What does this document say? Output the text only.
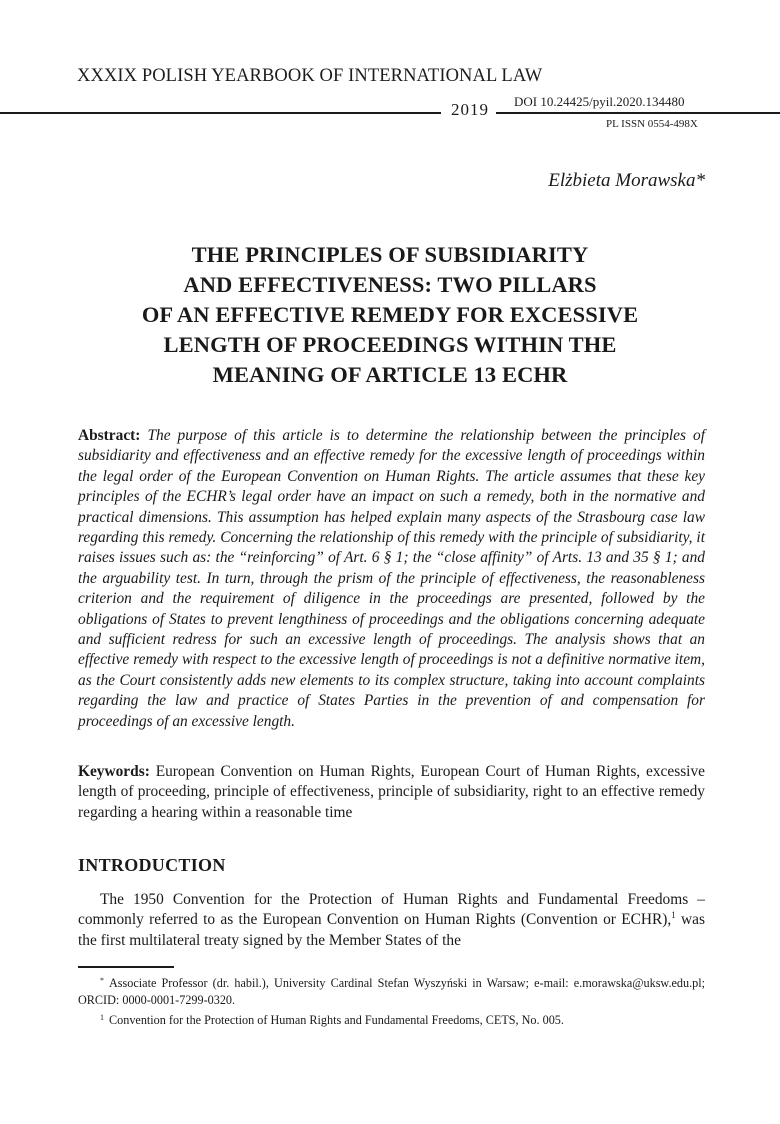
XXXIX POLISH YEARBOOK OF INTERNATIONAL LAW
2019 DOI 10.24425/pyil.2020.134480
PL ISSN 0554-498X
Elżbieta Morawska*
THE PRINCIPLES OF SUBSIDIARITY
AND EFFECTIVENESS: TWO PILLARS
OF AN EFFECTIVE REMEDY FOR EXCESSIVE
LENGTH OF PROCEEDINGS WITHIN THE
MEANING OF ARTICLE 13 ECHR

Abstract: The purpose of this article is to determine the relationship between the principles of subsidiarity and effectiveness and an effective remedy for the excessive length of proceedings within the legal order of the European Convention on Human Rights. The article assumes that these key principles of the ECHR’s legal order have an impact on such a remedy, both in the normative and practical dimensions. This assumption has helped explain many aspects of the Strasbourg case law regarding this remedy. Concerning the relationship of this remedy with the principle of subsidiarity, it raises issues such as: the “reinforcing” of Art. 6 § 1; the “close affinity” of Arts. 13 and 35 § 1; and the arguability test. In turn, through the prism of the principle of effectiveness, the reasonableness criterion and the requirement of diligence in the proceedings are presented, followed by the obligations of States to prevent lengthiness of proceedings and the obligations concerning adequate and sufficient redress for such an excessive length of proceedings. The analysis shows that an effective remedy with respect to the excessive length of proceedings is not a definitive normative item, as the Court consistently adds new elements to its complex structure, taking into account complaints regarding the law and practice of States Parties in the prevention of and compensation for proceedings of an excessive length.

Keywords: European Convention on Human Rights, European Court of Human Rights, excessive length of proceeding, principle of effectiveness, principle of subsidiarity, right to an effective remedy regarding a hearing within a reasonable time

INTRODUCTION

The 1950 Convention for the Protection of Human Rights and Fundamental Freedoms – commonly referred to as the European Convention on Human Rights (Convention or ECHR),$^1$ was the first multilateral treaty signed by the Member States of the

* Associate Professor (dr. habil.), University Cardinal Stefan Wyszyński in Warsaw; e-mail: e.morawska@uksw.edu.pl; ORCID: 0000-0001-7299-0320.
$^1$ Convention for the Protection of Human Rights and Fundamental Freedoms, CETS, No. 005.
